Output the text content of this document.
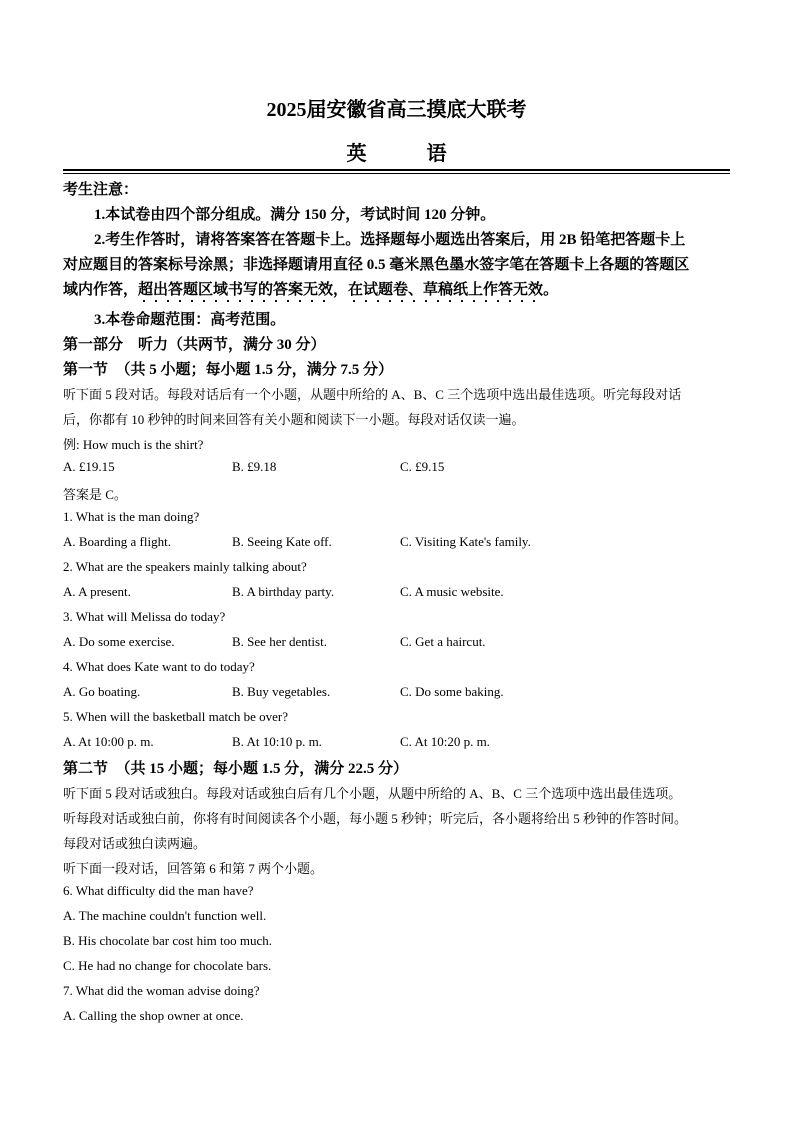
2025届安徽省高三摸底大联考
英　语
考生注意：
1.本试卷由四个部分组成。满分 150 分，考试时间 120 分钟。
2.考生作答时，请将答案答在答题卡上。选择题每小题选出答案后，用 2B 铅笔把答题卡上
对应题目的答案标号涂黑；非选择题请用直径 0.5 毫米黑色墨水签字笔在答题卡上各题的答题区
域内作答，超出答题区域书写的答案无效，在试题卷、草稿纸上作答无效。
3.本卷命题范围：高考范围。
第一部分　听力（共两节，满分 30 分）
第一节　（共 5 小题；每小题 1.5 分，满分 7.5 分）
听下面 5 段对话。每段对话后有一个小题，从题中所给的 A、B、C 三个选项中选出最佳选项。听完每段对话
后，你都有 10 秒钟的时间来回答有关小题和阅读下一小题。每段对话仅读一遍。
例: How much is the shirt?
A. £19.15	B. £9.18	C. £9.15
答案是 C。
1. What is the man doing?
A. Boarding a flight.	B. Seeing Kate off.	C. Visiting Kate's family.
2. What are the speakers mainly talking about?
A. A present.	B. A birthday party.	C. A music website.
3. What will Melissa do today?
A. Do some exercise.	B. See her dentist.	C. Get a haircut.
4. What does Kate want to do today?
A. Go boating.	B. Buy vegetables.	C. Do some baking.
5. When will the basketball match be over?
A. At 10:00 p. m.	B. At 10:10 p. m.	C. At 10:20 p. m.
第二节　（共 15 小题；每小题 1.5 分，满分 22.5 分）
听下面 5 段对话或独白。每段对话或独白后有几个小题，从题中所给的 A、B、C 三个选项中选出最佳选项。
听每段对话或独白前，你将有时间阅读各个小题，每小题 5 秒钟；听完后，各小题将给出 5 秒钟的作答时间。
每段对话或独白读两遍。
听下面一段对话，回答第 6 和第 7 两个小题。
6. What difficulty did the man have?
A. The machine couldn't function well.
B. His chocolate bar cost him too much.
C. He had no change for chocolate bars.
7. What did the woman advise doing?
A. Calling the shop owner at once.
